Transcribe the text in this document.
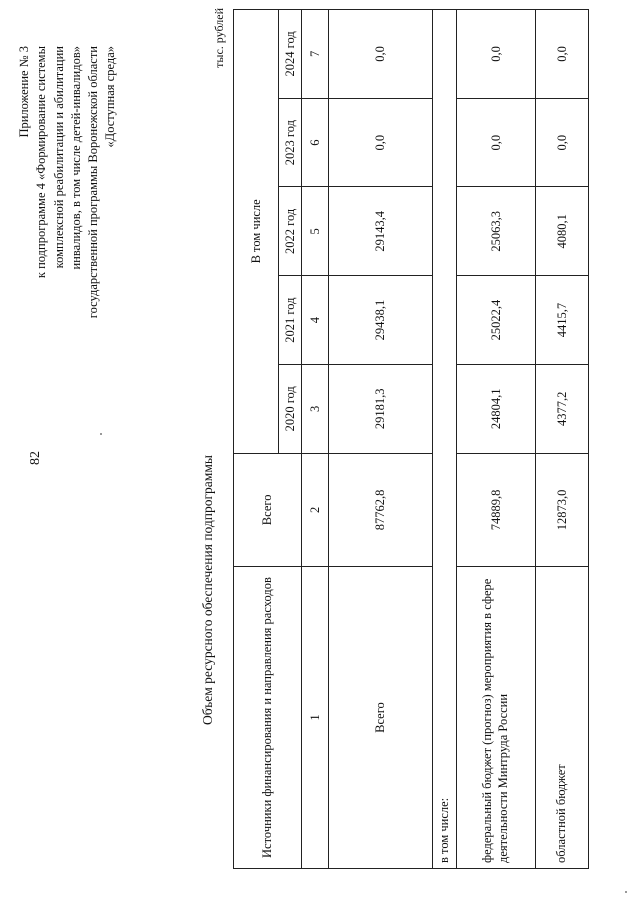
82
Приложение № 3 к подпрограмме 4 «Формирование системы комплексной реабилитации и абилитации инвалидов, в том числе детей-инвалидов» государственной программы Воронежской области «Доступная среда»
Объем ресурсного обеспечения подпрограммы
тыс. рублей
Источники финансирования и направления расходов	Всего	В том числе				
		2020 год	2021 год	2022 год	2023 год	2024 год
1	2	3	4	5	6	7
Всего	87762,8	29181,3	29438,1	29143,4	0,0	0,0
в том числе:						
федеральный бюджет (прогноз) мероприятия в сфере деятельности Минтруда России	74889,8	24804,1	25022,4	25063,3	0,0	0,0
областной бюджет	12873,0	4377,2	4415,7	4080,1	0,0	0,0
